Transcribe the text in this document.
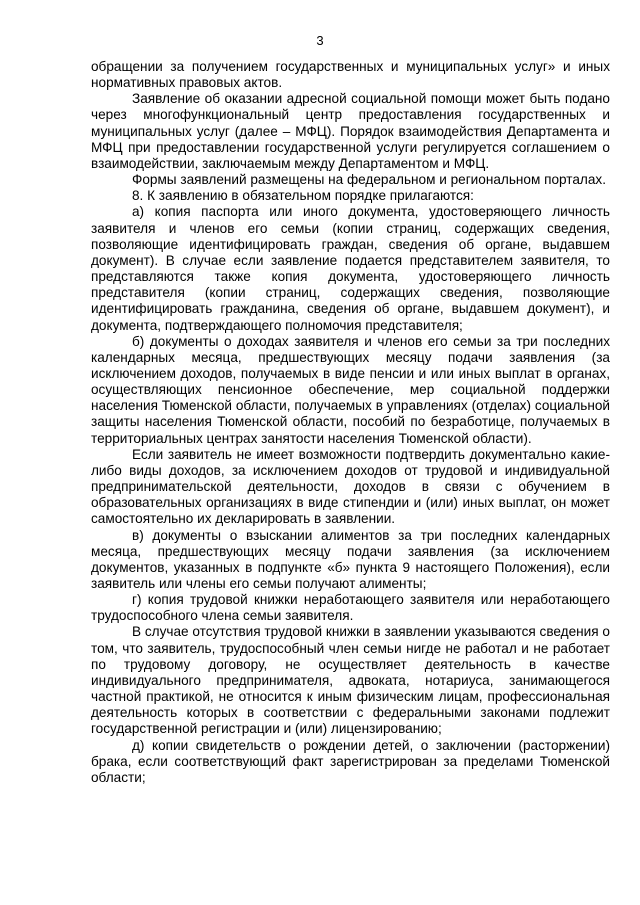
3

обращении за получением государственных и муниципальных услуг» и иных нормативных правовых актов.

Заявление об оказании адресной социальной помощи может быть подано через многофункциональный центр предоставления государственных и муниципальных услуг (далее – МФЦ). Порядок взаимодействия Департамента и МФЦ при предоставлении государственной услуги регулируется соглашением о взаимодействии, заключаемым между Департаментом и МФЦ.

Формы заявлений размещены на федеральном и региональном порталах.

8. К заявлению в обязательном порядке прилагаются:

а) копия паспорта или иного документа, удостоверяющего личность заявителя и членов его семьи (копии страниц, содержащих сведения, позволяющие идентифицировать граждан, сведения об органе, выдавшем документ). В случае если заявление подается представителем заявителя, то представляются также копия документа, удостоверяющего личность представителя (копии страниц, содержащих сведения, позволяющие идентифицировать гражданина, сведения об органе, выдавшем документ), и документа, подтверждающего полномочия представителя;

б) документы о доходах заявителя и членов его семьи за три последних календарных месяца, предшествующих месяцу подачи заявления (за исключением доходов, получаемых в виде пенсии и или иных выплат в органах, осуществляющих пенсионное обеспечение, мер социальной поддержки населения Тюменской области, получаемых в управлениях (отделах) социальной защиты населения Тюменской области, пособий по безработице, получаемых в территориальных центрах занятости населения Тюменской области).

Если заявитель не имеет возможности подтвердить документально какие-либо виды доходов, за исключением доходов от трудовой и индивидуальной предпринимательской деятельности, доходов в связи с обучением в образовательных организациях в виде стипендии и (или) иных выплат, он может самостоятельно их декларировать в заявлении.

в) документы о взыскании алиментов за три последних календарных месяца, предшествующих месяцу подачи заявления (за исключением документов, указанных в подпункте «б» пункта 9 настоящего Положения), если заявитель или члены его семьи получают алименты;

г) копия трудовой книжки неработающего заявителя или неработающего трудоспособного члена семьи заявителя.

В случае отсутствия трудовой книжки в заявлении указываются сведения о том, что заявитель, трудоспособный член семьи нигде не работал и не работает по трудовому договору, не осуществляет деятельность в качестве индивидуального предпринимателя, адвоката, нотариуса, занимающегося частной практикой, не относится к иным физическим лицам, профессиональная деятельность которых в соответствии с федеральными законами подлежит государственной регистрации и (или) лицензированию;

д) копии свидетельств о рождении детей, о заключении (расторжении) брака, если соответствующий факт зарегистрирован за пределами Тюменской области;
